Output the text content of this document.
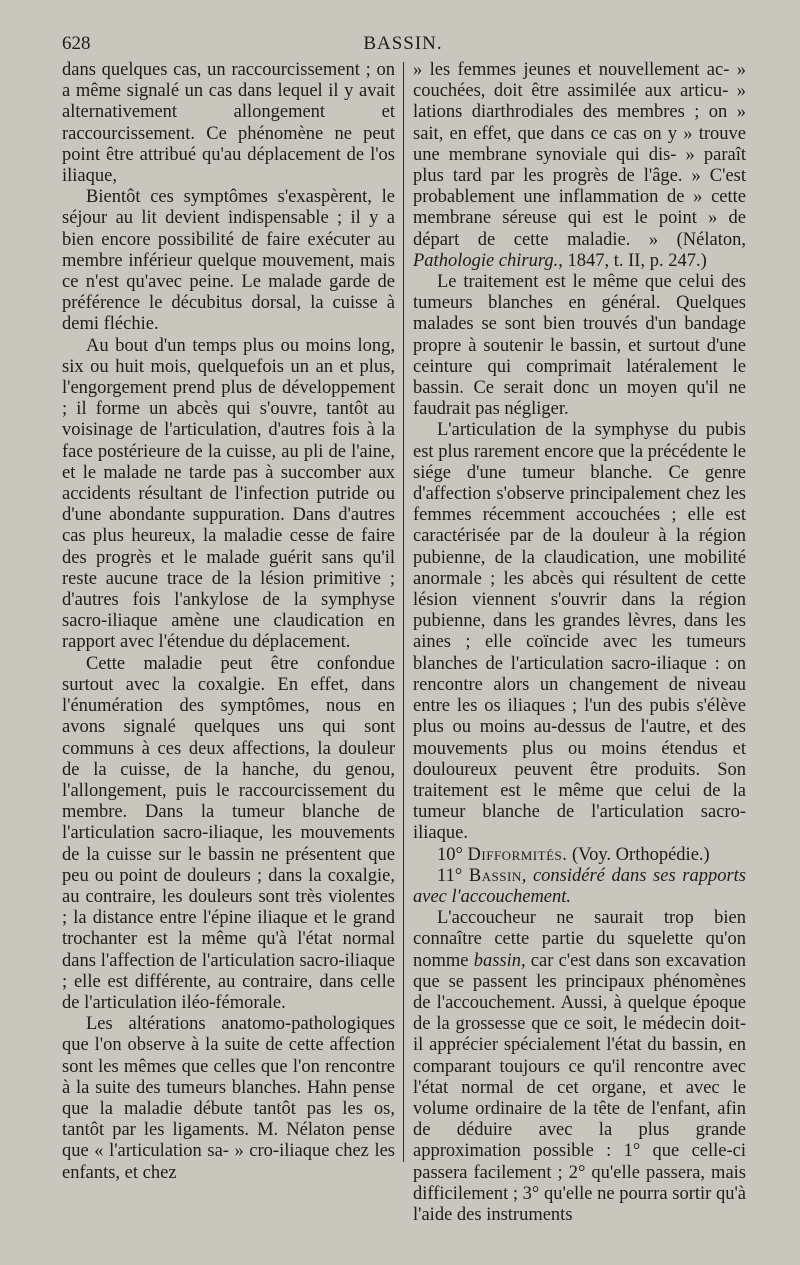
628	BASSIN.

dans quelques cas, un raccourcissement ; on a même signalé un cas dans lequel il y avait alternativement allongement et raccourcissement. Ce phénomène ne peut point être attribué qu'au déplacement de l'os iliaque,

Bientôt ces symptômes s'exaspèrent, le séjour au lit devient indispensable ; il y a bien encore possibilité de faire exécuter au membre inférieur quelque mouvement, mais ce n'est qu'avec peine. Le malade garde de préférence le décubitus dorsal, la cuisse à demi fléchie.

Au bout d'un temps plus ou moins long, six ou huit mois, quelquefois un an et plus, l'engorgement prend plus de développement ; il forme un abcès qui s'ouvre, tantôt au voisinage de l'articulation, d'autres fois à la face postérieure de la cuisse, au pli de l'aine, et le malade ne tarde pas à succomber aux accidents résultant de l'infection putride ou d'une abondante suppuration. Dans d'autres cas plus heureux, la maladie cesse de faire des progrès et le malade guérit sans qu'il reste aucune trace de la lésion primitive ; d'autres fois l'ankylose de la symphyse sacro-iliaque amène une claudication en rapport avec l'étendue du déplacement.

Cette maladie peut être confondue surtout avec la coxalgie. En effet, dans l'énumération des symptômes, nous en avons signalé quelques uns qui sont communs à ces deux affections, la douleur de la cuisse, de la hanche, du genou, l'allongement, puis le raccourcissement du membre. Dans la tumeur blanche de l'articulation sacro-iliaque, les mouvements de la cuisse sur le bassin ne présentent que peu ou point de douleurs ; dans la coxalgie, au contraire, les douleurs sont très violentes ; la distance entre l'épine iliaque et le grand trochanter est la même qu'à l'état normal dans l'affection de l'articulation sacro-iliaque ; elle est différente, au contraire, dans celle de l'articulation iléo-fémorale.

Les altérations anatomo-pathologiques que l'on observe à la suite de cette affection sont les mêmes que celles que l'on rencontre à la suite des tumeurs blanches. Hahn pense que la maladie débute tantôt pas les os, tantôt par les ligaments. M. Nélaton pense que « l'articulation sa- » cro-iliaque chez les enfants, et chez

» les femmes jeunes et nouvellement ac- » couchées, doit être assimilée aux articu- » lations diarthrodiales des membres ; on » sait, en effet, que dans ce cas on y » trouve une membrane synoviale qui dis- » paraît plus tard par les progrès de l'âge. » C'est probablement une inflammation de » cette membrane séreuse qui est le point » de départ de cette maladie. » (Nélaton, Pathologie chirurg., 1847, t. II, p. 247.)

Le traitement est le même que celui des tumeurs blanches en général. Quelques malades se sont bien trouvés d'un bandage propre à soutenir le bassin, et surtout d'une ceinture qui comprimait latéralement le bassin. Ce serait donc un moyen qu'il ne faudrait pas négliger.

L'articulation de la symphyse du pubis est plus rarement encore que la précédente le siége d'une tumeur blanche. Ce genre d'affection s'observe principalement chez les femmes récemment accouchées ; elle est caractérisée par de la douleur à la région pubienne, de la claudication, une mobilité anormale ; les abcès qui résultent de cette lésion viennent s'ouvrir dans la région pubienne, dans les grandes lèvres, dans les aines ; elle coïncide avec les tumeurs blanches de l'articulation sacro-iliaque : on rencontre alors un changement de niveau entre les os iliaques ; l'un des pubis s'élève plus ou moins au-dessus de l'autre, et des mouvements plus ou moins étendus et douloureux peuvent être produits. Son traitement est le même que celui de la tumeur blanche de l'articulation sacro-iliaque.

10° Difformités. (Voy. Orthopédie.)

11° Bassin, considéré dans ses rapports avec l'accouchement.

L'accoucheur ne saurait trop bien connaître cette partie du squelette qu'on nomme bassin, car c'est dans son excavation que se passent les principaux phénomènes de l'accouchement. Aussi, à quelque époque de la grossesse que ce soit, le médecin doit-il apprécier spécialement l'état du bassin, en comparant toujours ce qu'il rencontre avec l'état normal de cet organe, et avec le volume ordinaire de la tête de l'enfant, afin de déduire avec la plus grande approximation possible : 1° que celle-ci passera facilement ; 2° qu'elle passera, mais difficilement ; 3° qu'elle ne pourra sortir qu'à l'aide des instruments
